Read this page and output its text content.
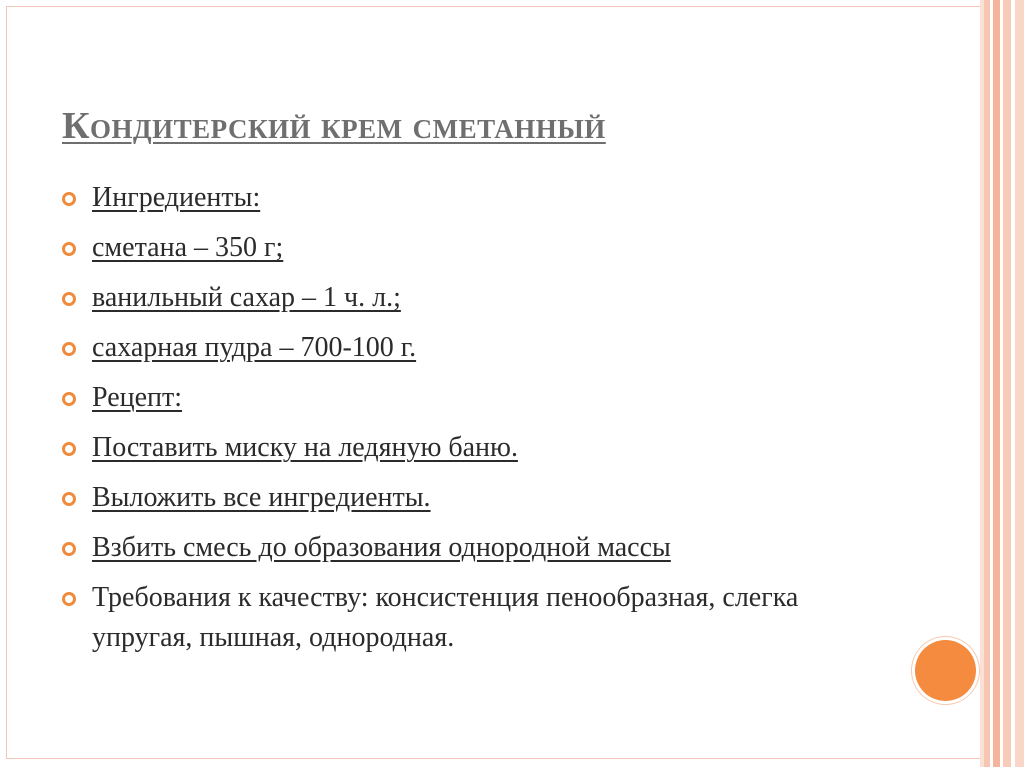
Кондитерский крем сметанный
Ингредиенты:
сметана – 350 г;
ванильный сахар – 1 ч. л.;
сахарная пудра – 700-100 г.
Рецепт:
Поставить миску на ледяную баню.
Выложить все ингредиенты.
Взбить смесь до образования однородной массы
Требования к качеству: консистенция пенообразная, слегка упругая, пышная, однородная.
